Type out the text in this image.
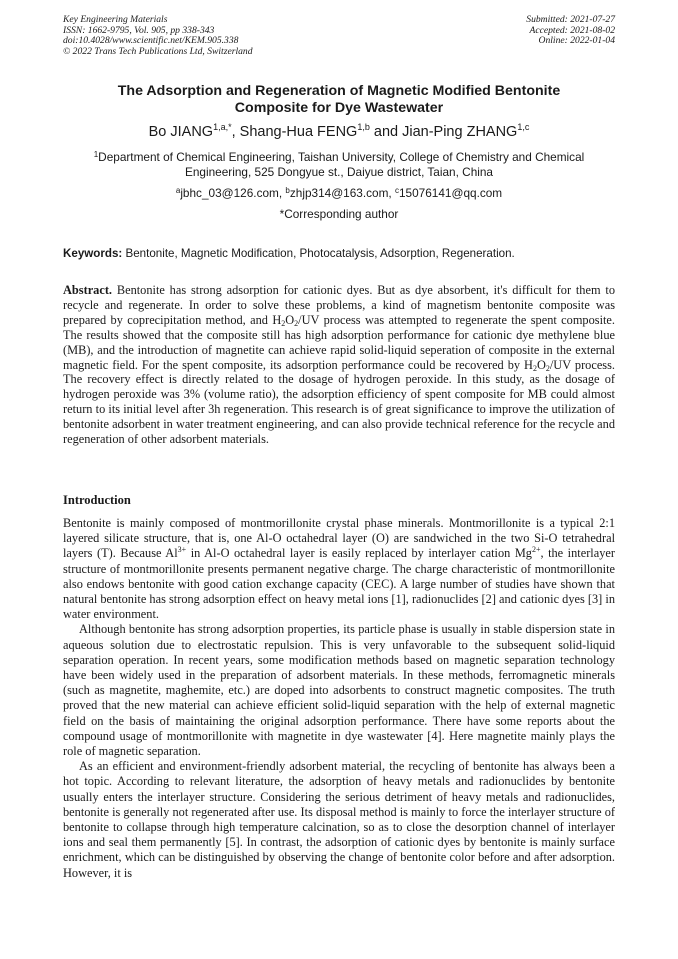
Key Engineering Materials
ISSN: 1662-9795, Vol. 905, pp 338-343
doi:10.4028/www.scientific.net/KEM.905.338
© 2022 Trans Tech Publications Ltd, Switzerland
Submitted: 2021-07-27
Accepted: 2021-08-02
Online: 2022-01-04
The Adsorption and Regeneration of Magnetic Modified Bentonite
Composite for Dye Wastewater
Bo $JIANG^{1,a,*}$, Shang-Hua FENG$^{1,b}$ and Jian-Ping ZHANG$^{1,c}$
$^1$Department of Chemical Engineering, Taishan University, College of Chemistry and Chemical
Engineering, 525 Dongyue st., Daiyue district, Taian, China
$^a$jbhc_03@126.com, $^b$zhjp314@163.com, $^c$15076141@qq.com
*Corresponding author
Keywords: Bentonite, Magnetic Modification, Photocatalysis, Adsorption, Regeneration.
Abstract. Bentonite has strong adsorption for cationic dyes. But as dye absorbent, it's difficult for them to recycle and regenerate. In order to solve these problems, a kind of magnetism bentonite composite was prepared by coprecipitation method, and $H_2O_2/UV$ process was attempted to regenerate the spent composite. The results showed that the composite still has high adsorption performance for cationic dye methylene blue (MB), and the introduction of magnetite can achieve rapid solid-liquid seperation of composite in the external magnetic field. For the spent composite, its adsorption performance could be recovered by $H_2O_2/UV$ process. The recovery effect is directly related to the dosage of hydrogen peroxide. In this study, as the dosage of hydrogen peroxide was 3% (volume ratio), the adsorption efficiency of spent composite for MB could almost return to its initial level after 3h regeneration. This research is of great significance to improve the utilization of bentonite adsorbent in water treatment engineering, and can also provide technical reference for the recycle and regeneration of other adsorbent materials.
Introduction

Bentonite is mainly composed of montmorillonite crystal phase minerals. Montmorillonite is a typical 2:1 layered silicate structure, that is, one Al-O octahedral layer (O) are sandwiched in the two Si-O tetrahedral layers (T). Because $Al^{3+}$ in Al-O octahedral layer is easily replaced by interlayer cation $Mg^{2+}$, the interlayer structure of montmorillonite presents permanent negative charge. The charge characteristic of montmorillonite also endows bentonite with good cation exchange capacity (CEC). A large number of studies have shown that natural bentonite has strong adsorption effect on heavy metal ions [1], radionuclides [2] and cationic dyes [3] in water environment.

Although bentonite has strong adsorption properties, its particle phase is usually in stable dispersion state in aqueous solution due to electrostatic repulsion. This is very unfavorable to the subsequent solid-liquid separation operation. In recent years, some modification methods based on magnetic separation technology have been widely used in the preparation of adsorbent materials. In these methods, ferromagnetic minerals (such as magnetite, maghemite, etc.) are doped into adsorbents to construct magnetic composites. The truth proved that the new material can achieve efficient solid-liquid separation with the help of external magnetic field on the basis of maintaining the original adsorption performance. There have some reports about the compound usage of montmorillonite with magnetite in dye wastewater [4]. Here magnetite mainly plays the role of magnetic separation.

As an efficient and environment-friendly adsorbent material, the recycling of bentonite has always been a hot topic. According to relevant literature, the adsorption of heavy metals and radionuclides by bentonite usually enters the interlayer structure. Considering the serious detriment of heavy metals and radionuclides, bentonite is generally not regenerated after use. Its disposal method is mainly to force the interlayer structure of bentonite to collapse through high temperature calcination, so as to close the desorption channel of interlayer ions and seal them permanently [5]. In contrast, the adsorption of cationic dyes by bentonite is mainly surface enrichment, which can be distinguished by observing the change of bentonite color before and after adsorption. However, it is
